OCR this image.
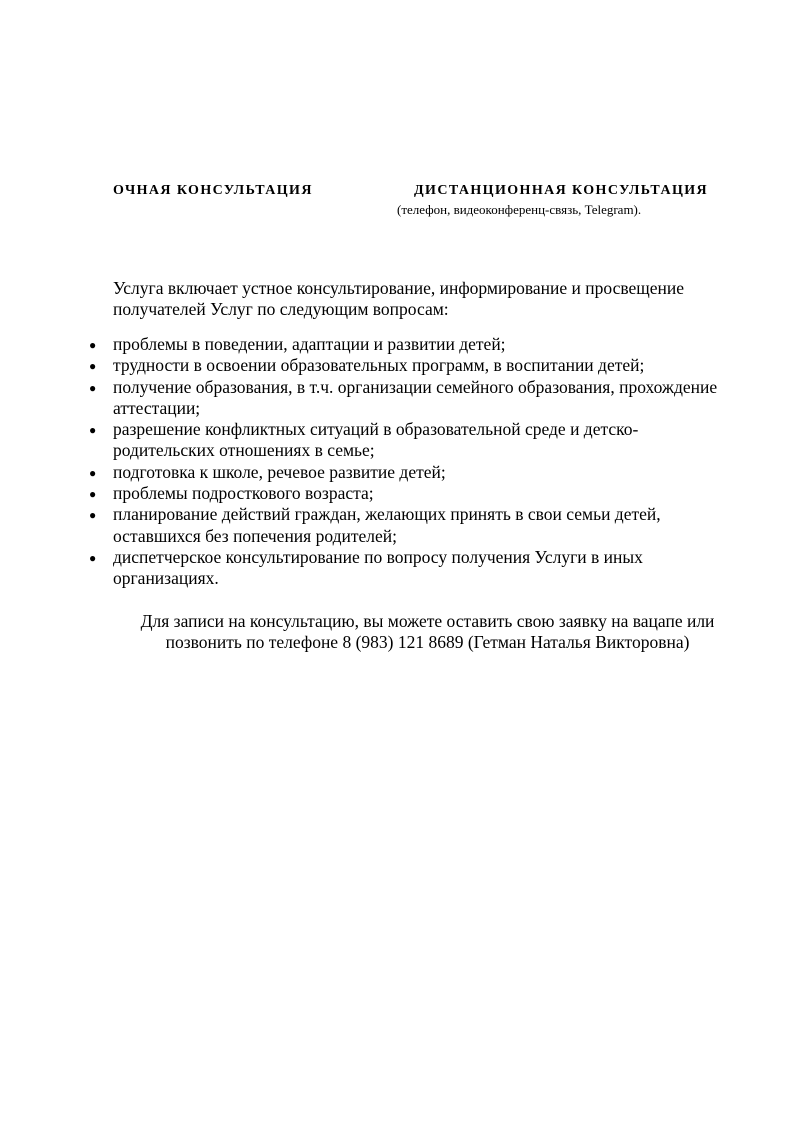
ОЧНАЯ КОНСУЛЬТАЦИЯ	ДИСТАНЦИОННАЯ КОНСУЛЬТАЦИЯ
(телефон, видеоконференц-связь, Telegram).

Услуга включает устное консультирование, информирование и просвещение получателей Услуг по следующим вопросам:

● проблемы в поведении, адаптации и развитии детей;
● трудности в освоении образовательных программ, в воспитании детей;
● получение образования, в т.ч. организации семейного образования, прохождение аттестации;
● разрешение конфликтных ситуаций в образовательной среде и детско-родительских отношениях в семье;
● подготовка к школе, речевое развитие детей;
● проблемы подросткового возраста;
● планирование действий граждан, желающих принять в свои семьи детей, оставшихся без попечения родителей;
● диспетчерское консультирование по вопросу получения Услуги в иных организациях.
Для записи на консультацию, вы можете оставить свою заявку на вацапе или
позвонить по телефоне 8 (983) 121 8689 (Гетман Наталья Викторовна)
